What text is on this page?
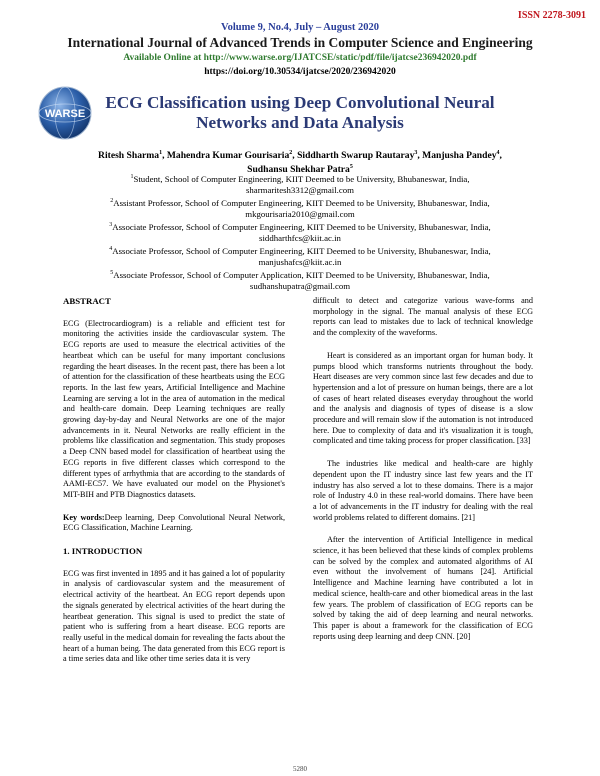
ISSN 2278-3091
Volume 9, No.4, July – August 2020
International Journal of Advanced Trends in Computer Science and Engineering
Available Online at http://www.warse.org/IJATCSE/static/pdf/file/ijatcse236942020.pdf
https://doi.org/10.30534/ijatcse/2020/236942020
WARSE
ECG Classification using Deep Convolutional Neural Networks and Data Analysis
Ritesh Sharma$^1$, Mahendra Kumar Gourisaria$^2$, Siddharth Swarup Rautaray$^3$, Manjusha Pandey$^4$, Sudhansu Shekhar Patra$^5$
$^1$Student, School of Computer Engineering, KIIT Deemed to be University, Bhubaneswar, India,
sharmaritesh3312@gmail.com
$^2$Assistant Professor, School of Computer Engineering, KIIT Deemed to be University, Bhubaneswar, India,
mkgourisaria2010@gmail.com
$^3$Associate Professor, School of Computer Engineering, KIIT Deemed to be University, Bhubaneswar, India,
siddharthfcs@kiit.ac.in
$^4$Associate Professor, School of Computer Engineering, KIIT Deemed to be University, Bhubaneswar, India,
manjushafcs@kiit.ac.in
$^5$Associate Professor, School of Computer Application, KIIT Deemed to be University, Bhubaneswar, India,
sudhanshupatra@gmail.com
ABSTRACT
ECG (Electrocardiogram) is a reliable and efficient test for monitoring the activities inside the cardiovascular system. The ECG reports are used to measure the electrical activities of the heartbeat which can be useful for many important conclusions regarding the heart diseases. In the recent past, there has been a lot of attention for the classification of these heartbeats using the ECG reports. In the last few years, Artificial Intelligence and Machine Learning are serving a lot in the area of automation in the medical and health-care domain. Deep Learning techniques are really growing day-by-day and Neural Networks are one of the major advancements in it. Neural Networks are really efficient in the problems like classification and segmentation. This study proposes a Deep CNN based model for classification of heartbeat using the ECG reports in five different classes which correspond to the different types of arrhythmia that are according to the standards of AAMI-EC57. We have evaluated our model on the Physionet's MIT-BIH and PTB Diagnostics datasets.
Key words:Deep learning, Deep Convolutional Neural Network, ECG Classification, Machine Learning.
1. INTRODUCTION
ECG was first invented in 1895 and it has gained a lot of popularity in analysis of cardiovascular system and the measurement of electrical activity of the heartbeat. An ECG report depends upon the signals generated by electrical activities of the heart during the heartbeat generation. This signal is used to predict the state of patient who is suffering from a heart disease. ECG reports are really useful in the medical domain for revealing the facts about the heart of a human being. The data generated from this ECG report is a time series data and like other time series data it is very
difficult to detect and categorize various wave-forms and morphology in the signal. The manual analysis of these ECG reports can lead to mistakes due to lack of technical knowledge and the complexity of the waveforms.
Heart is considered as an important organ for human body. It pumps blood which transforms nutrients throughout the body. Heart diseases are very common since last few decades and due to hypertension and a lot of pressure on human beings, there are a lot of cases of heart related diseases everyday throughout the world and the analysis and diagnosis of types of disease is a slow procedure and will remain slow if the automation is not introduced here. Due to complexity of data and it's visualization it is tough, complicated and time taking process for proper classification. [33]
The industries like medical and health-care are highly dependent upon the IT industry since last few years and the IT industry has also served a lot to these domains. There is a major role of Industry 4.0 in these real-world domains. There have been a lot of advancements in the IT industry for dealing with the real world problems related to different domains. [21]
After the intervention of Artificial Intelligence in medical science, it has been believed that these kinds of complex problems can be solved by the complex and automated algorithms of AI even without the involvement of humans [24]. Artificial Intelligence and Machine learning have contributed a lot in medical science, health-care and other biomedical areas in the last few years. The problem of classification of ECG reports can be solved by taking the aid of deep learning and neural networks. This paper is about a framework for the classification of ECG reports using deep learning and deep CNN. [20]
5280
